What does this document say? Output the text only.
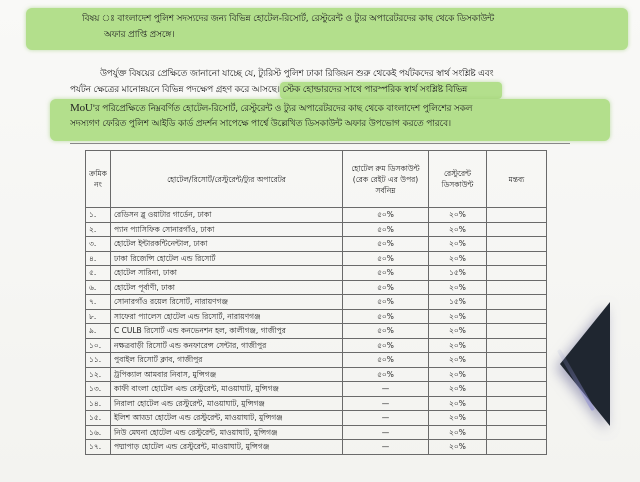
বিষয় ঃ বাংলাদেশ পুলিশ সদস্যদের জন্য বিভিন্ন হোটেল-রিসোর্ট, রেস্টুরেন্ট ও ট্যুর অপারেটরদের কাছ থেকে ডিসকাউন্ট
অফার প্রাপ্তি প্রসঙ্গে।
উপর্যুক্ত বিষয়ের প্রেক্ষিতে জানানো যাচ্ছে যে, ট্যুরিস্ট পুলিশ ঢাকা রিজিয়ন শুরু থেকেই পর্যটকদের স্বার্থ সংশ্লিষ্ট এবং
পর্যটন ক্ষেত্রের মানোন্নয়নে বিভিন্ন পদক্ষেপ গ্রহণ করে আসছে। স্টেক হোল্ডারদের সাথে পারস্পরিক স্বার্থ সংশ্লিষ্ট বিভিন্ন
MoU'র পরিপ্রেক্ষিতে নিম্নবর্ণিত হোটেল-রিসোর্ট, রেস্টুরেন্ট ও ট্যুর অপারেটরদের কাছ থেকে বাংলাদেশ পুলিশের সকল
সদস্যগণ ফেরিত পুলিশ আইডি কার্ড প্রদর্শন সাপেক্ষে পার্শ্বে উল্লেখিত ডিসকাউন্ট অফার উপভোগ করতে পারবে।
ক্রমিক নং	হোটেল/রিসোর্ট/রেস্টুরেন্ট/ট্যুর অপারেটর	হোটেল রুম ডিসকাউন্ট (রেক রেইট এর উপর) সর্বনিম্ন	রেস্টুরেন্ট ডিসকাউন্ট	মন্তব্য
১.	রেডিসন ব্লু ওয়াটার গার্ডেন, ঢাকা	৫০%	২০%	
২.	প্যান প্যাসিফিক সোনারগাঁও, ঢাকা	৫০%	২০%	
৩.	হোটেল ইন্টারকন্টিনেন্টাল, ঢাকা	৫০%	২০%	
৪.	ঢাকা রিজেন্সি হোটেল এন্ড রিসোর্ট	৫০%	২০%	
৫.	হোটেল সারিনা, ঢাকা	৫০%	১৫%	
৬.	হোটেল পূর্বাণী, ঢাকা	৫০%	২০%	
৭.	সোনারগাঁও রয়েল রিসোর্ট, নারায়ণগঞ্জ	৫০%	১৫%	
৮.	সাফেরা প্যালেস হোটেল এন্ড রিসোর্ট, নারায়ণগঞ্জ	৫০%	২০%	
৯.	C CULB রিসোর্ট এন্ড কনভেনশন হল, কালীগঞ্জ, গাজীপুর	৫০%	২০%	
১০.	নক্ষত্রবাড়ী রিসোর্ট এন্ড কনফারেন্স সেন্টার, গাজীপুর	৫০%	২০%	
১১.	পুবাইল রিসোর্ট ক্লাব, গাজীপুর	৫০%	২০%	
১২.	ট্রপিক্যাল আমবার নিবাস, মুন্সিগঞ্জ	৫০%	২০%	
১৩.	কাফী বাংলা হোটেল এন্ড রেস্টুরেন্ট, মাওয়াঘাট, মুন্সিগঞ্জ	—	২০%	
১৪.	নিরালা হোটেল এন্ড রেস্টুরেন্ট, মাওয়াঘাট, মুন্সিগঞ্জ	—	২০%	
১৫.	ইলিশ আড্ডা হোটেল এন্ড রেস্টুরেন্ট, মাওয়াঘাট, মুন্সিগঞ্জ	—	২০%	
১৬.	নিউ মেঘনা হোটেল এন্ড রেস্টুরেন্ট, মাওয়াঘাট, মুন্সিগঞ্জ	—	২০%	
১৭.	পদ্মাপাড় হোটেল এন্ড রেস্টুরেন্ট, মাওয়াঘাট, মুন্সিগঞ্জ	—	২০%	
